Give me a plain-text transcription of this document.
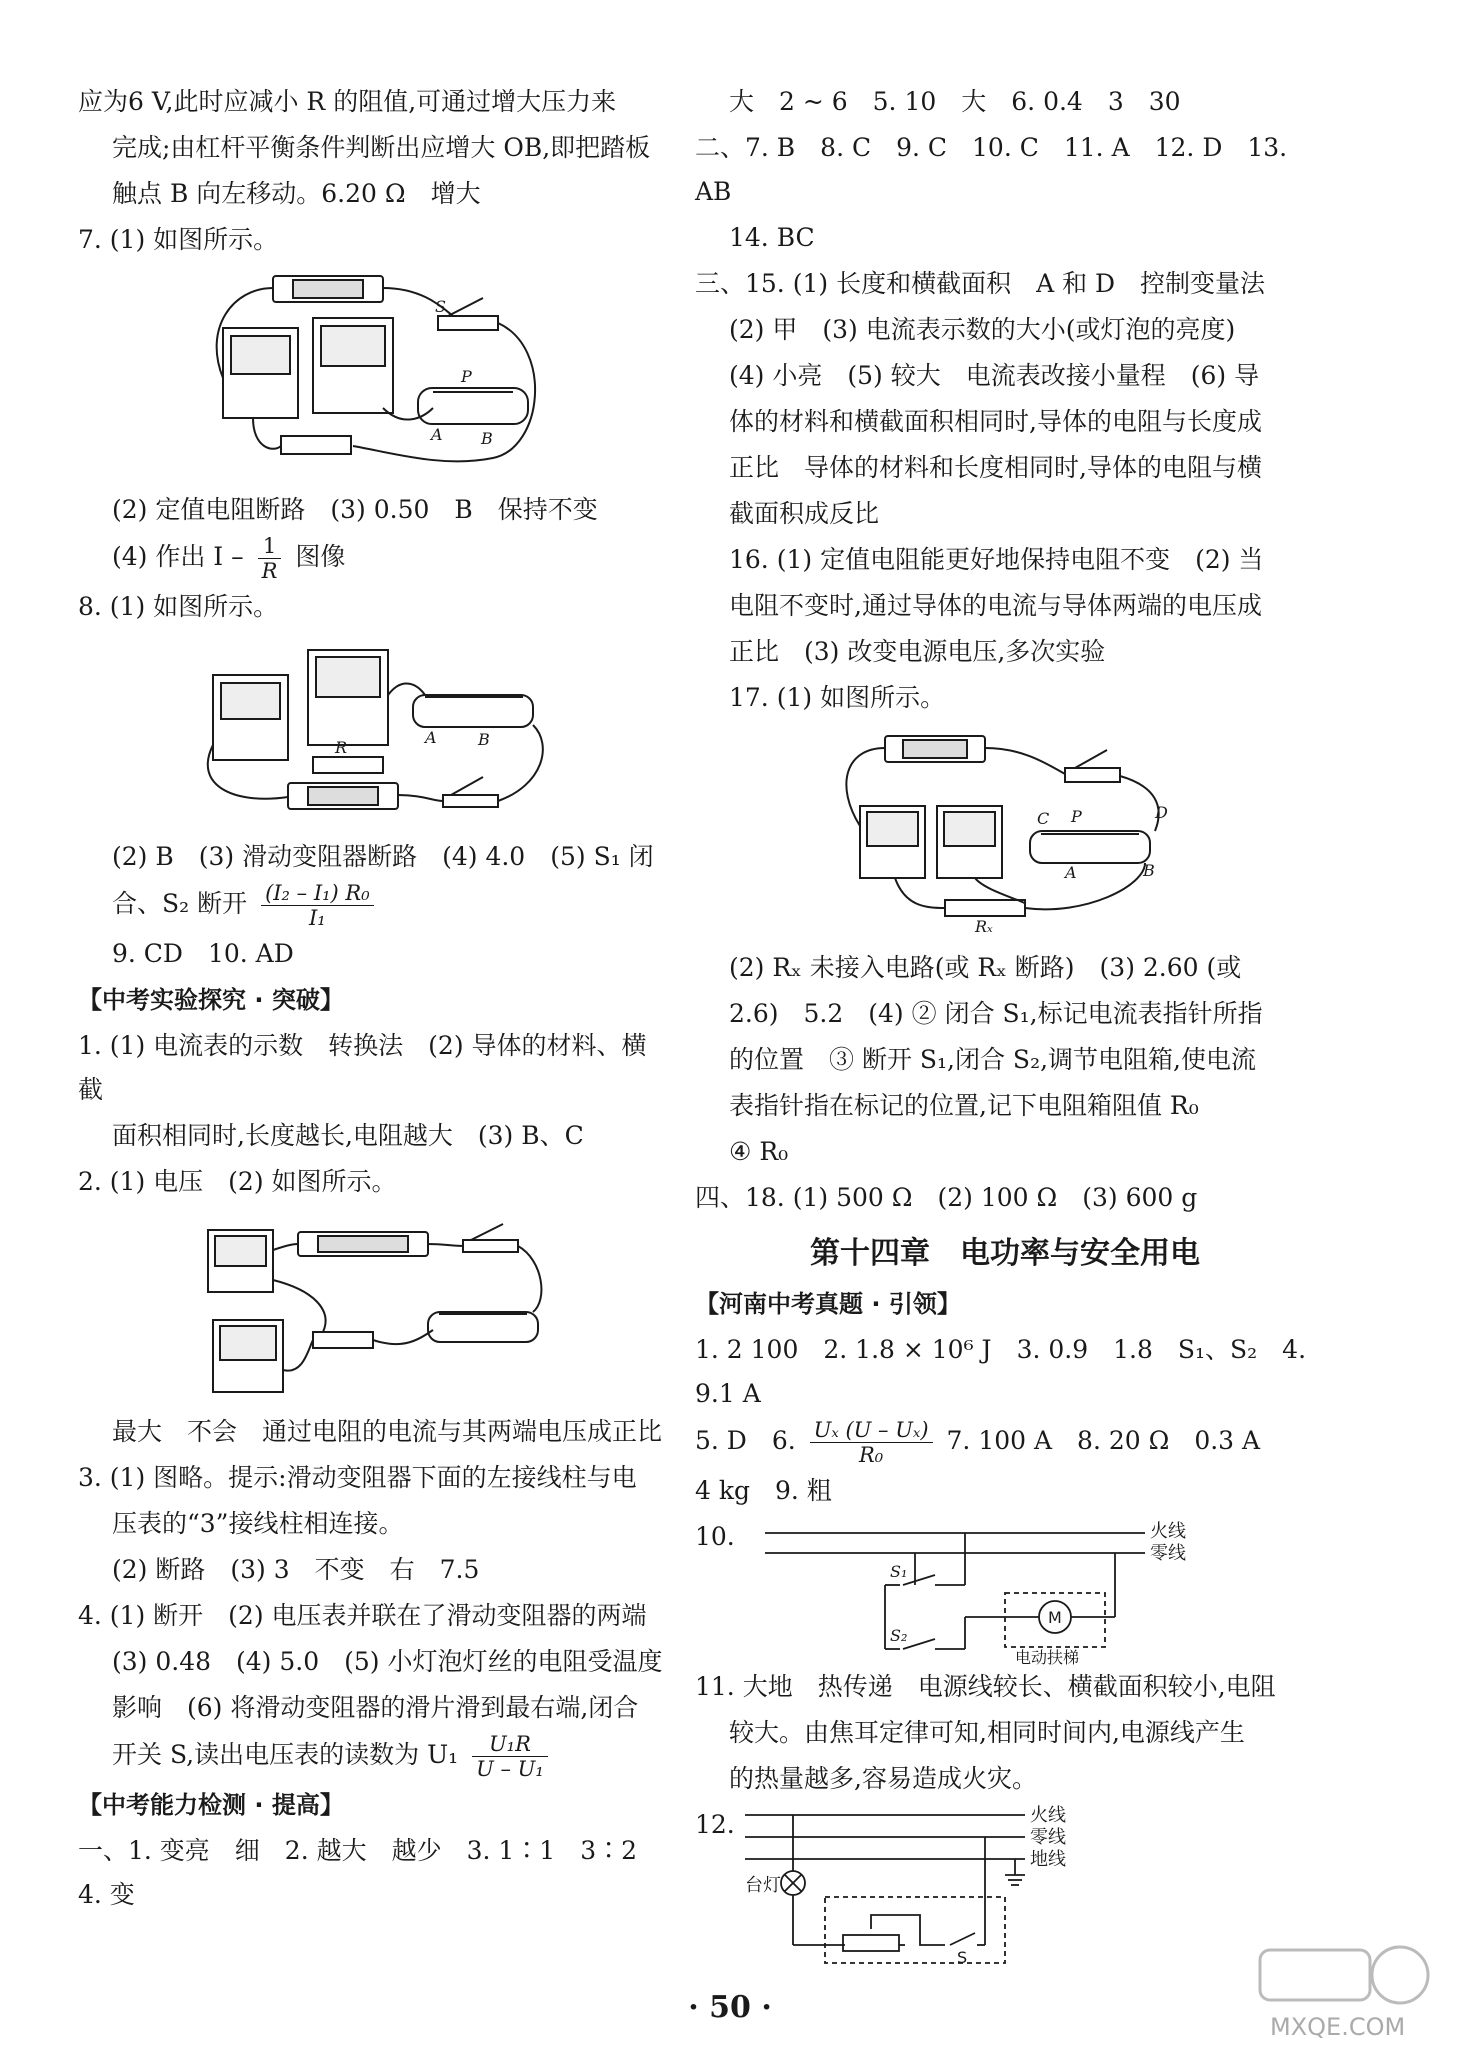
应为6 V,此时应减小 R 的阻值,可通过增大压力来
完成;由杠杆平衡条件判断出应增大 OB,即把踏板
触点 B 向左移动。6.20 Ω　增大
7. (1) 如图所示。
S
P
A B
(2) 定值电阻断路　(3) 0.50　B　保持不变
(4) 作出 I – $\frac{1}{R}$ 图像
8. (1) 如图所示。
R
A	B
(2) B　(3) 滑动变阻器断路　(4) 4.0　(5) S₁ 闭
合、S₂ 断开 $\frac{\text{(I₂ – I₁) R₀}}{\text{I₁}}$
9. CD　10. AD
【中考实验探究 · 突破】
1. (1) 电流表的示数　转换法　(2) 导体的材料、横截
面积相同时,长度越长,电阻越大　(3) B、C
2. (1) 电压　(2) 如图所示。
最大　不会　通过电阻的电流与其两端电压成正比
3. (1) 图略。提示:滑动变阻器下面的左接线柱与电
压表的“3”接线柱相连接。
(2) 断路　(3) 3　不变　右　7.5
4. (1) 断开　(2) 电压表并联在了滑动变阻器的两端
(3) 0.48　(4) 5.0　(5) 小灯泡灯丝的电阻受温度
影响　(6) 将滑动变阻器的滑片滑到最右端,闭合
开关 S,读出电压表的读数为 $U_1 \frac{\text{U₁R}}{\text{U – U₁}}$
【中考能力检测 · 提高】
一、1. 变亮　细　2. 越大　越少　3. 1∶1　3∶2　4. 变
大　2 ~ 6　5. 10　大　6. 0.4　3　30
二、7. B　8. C　9. C　10. C　11. A　12. D　13. AB
14. BC
三、15. (1) 长度和横截面积　A 和 D　控制变量法
(2) 甲　(3) 电流表示数的大小(或灯泡的亮度)
(4) 小亮　(5) 较大　电流表改接小量程　(6) 导
体的材料和横截面积相同时,导体的电阻与长度成
正比　导体的材料和长度相同时,导体的电阻与横
截面积成反比
16. (1) 定值电阻能更好地保持电阻不变　(2) 当
电阻不变时,通过导体的电流与导体两端的电压成
正比　(3) 改变电源电压,多次实验
17. (1) 如图所示。
C P	D
A	B
Rₓ
(2) Rₓ 未接入电路(或 Rₓ 断路)　(3) 2.60 (或
2.6)　5.2　(4) ② 闭合 S₁,标记电流表指针所指
的位置　③ 断开 S₁,闭合 S₂,调节电阻箱,使电流
表指针指在标记的位置,记下电阻箱阻值 R₀
④ R₀
四、18. (1) 500 Ω　(2) 100 Ω　(3) 600 g
第十四章　电功率与安全用电
【河南中考真题 · 引领】
1. 2 100　2. 1.8 × 10⁶ J　3. 0.9　1.8　S₁、S₂　4. 9.1 A
5. D　6. $\frac{\text{Uₓ (U – Uₓ)}}{\text{R₀}} 7$. 100 A　8. 20 Ω　0.3 A
4 kg　9. 粗
10.	火线
零线
S₁
S₂
M
电动扶梯
11. 大地　热传递　电源线较长、横截面积较小,电阻
较大。由焦耳定律可知,相同时间内,电源线产生
的热量越多,容易造成火灾。
12.	火线
零线
地线
台灯
S
· 50 ·
MXQE.COM
